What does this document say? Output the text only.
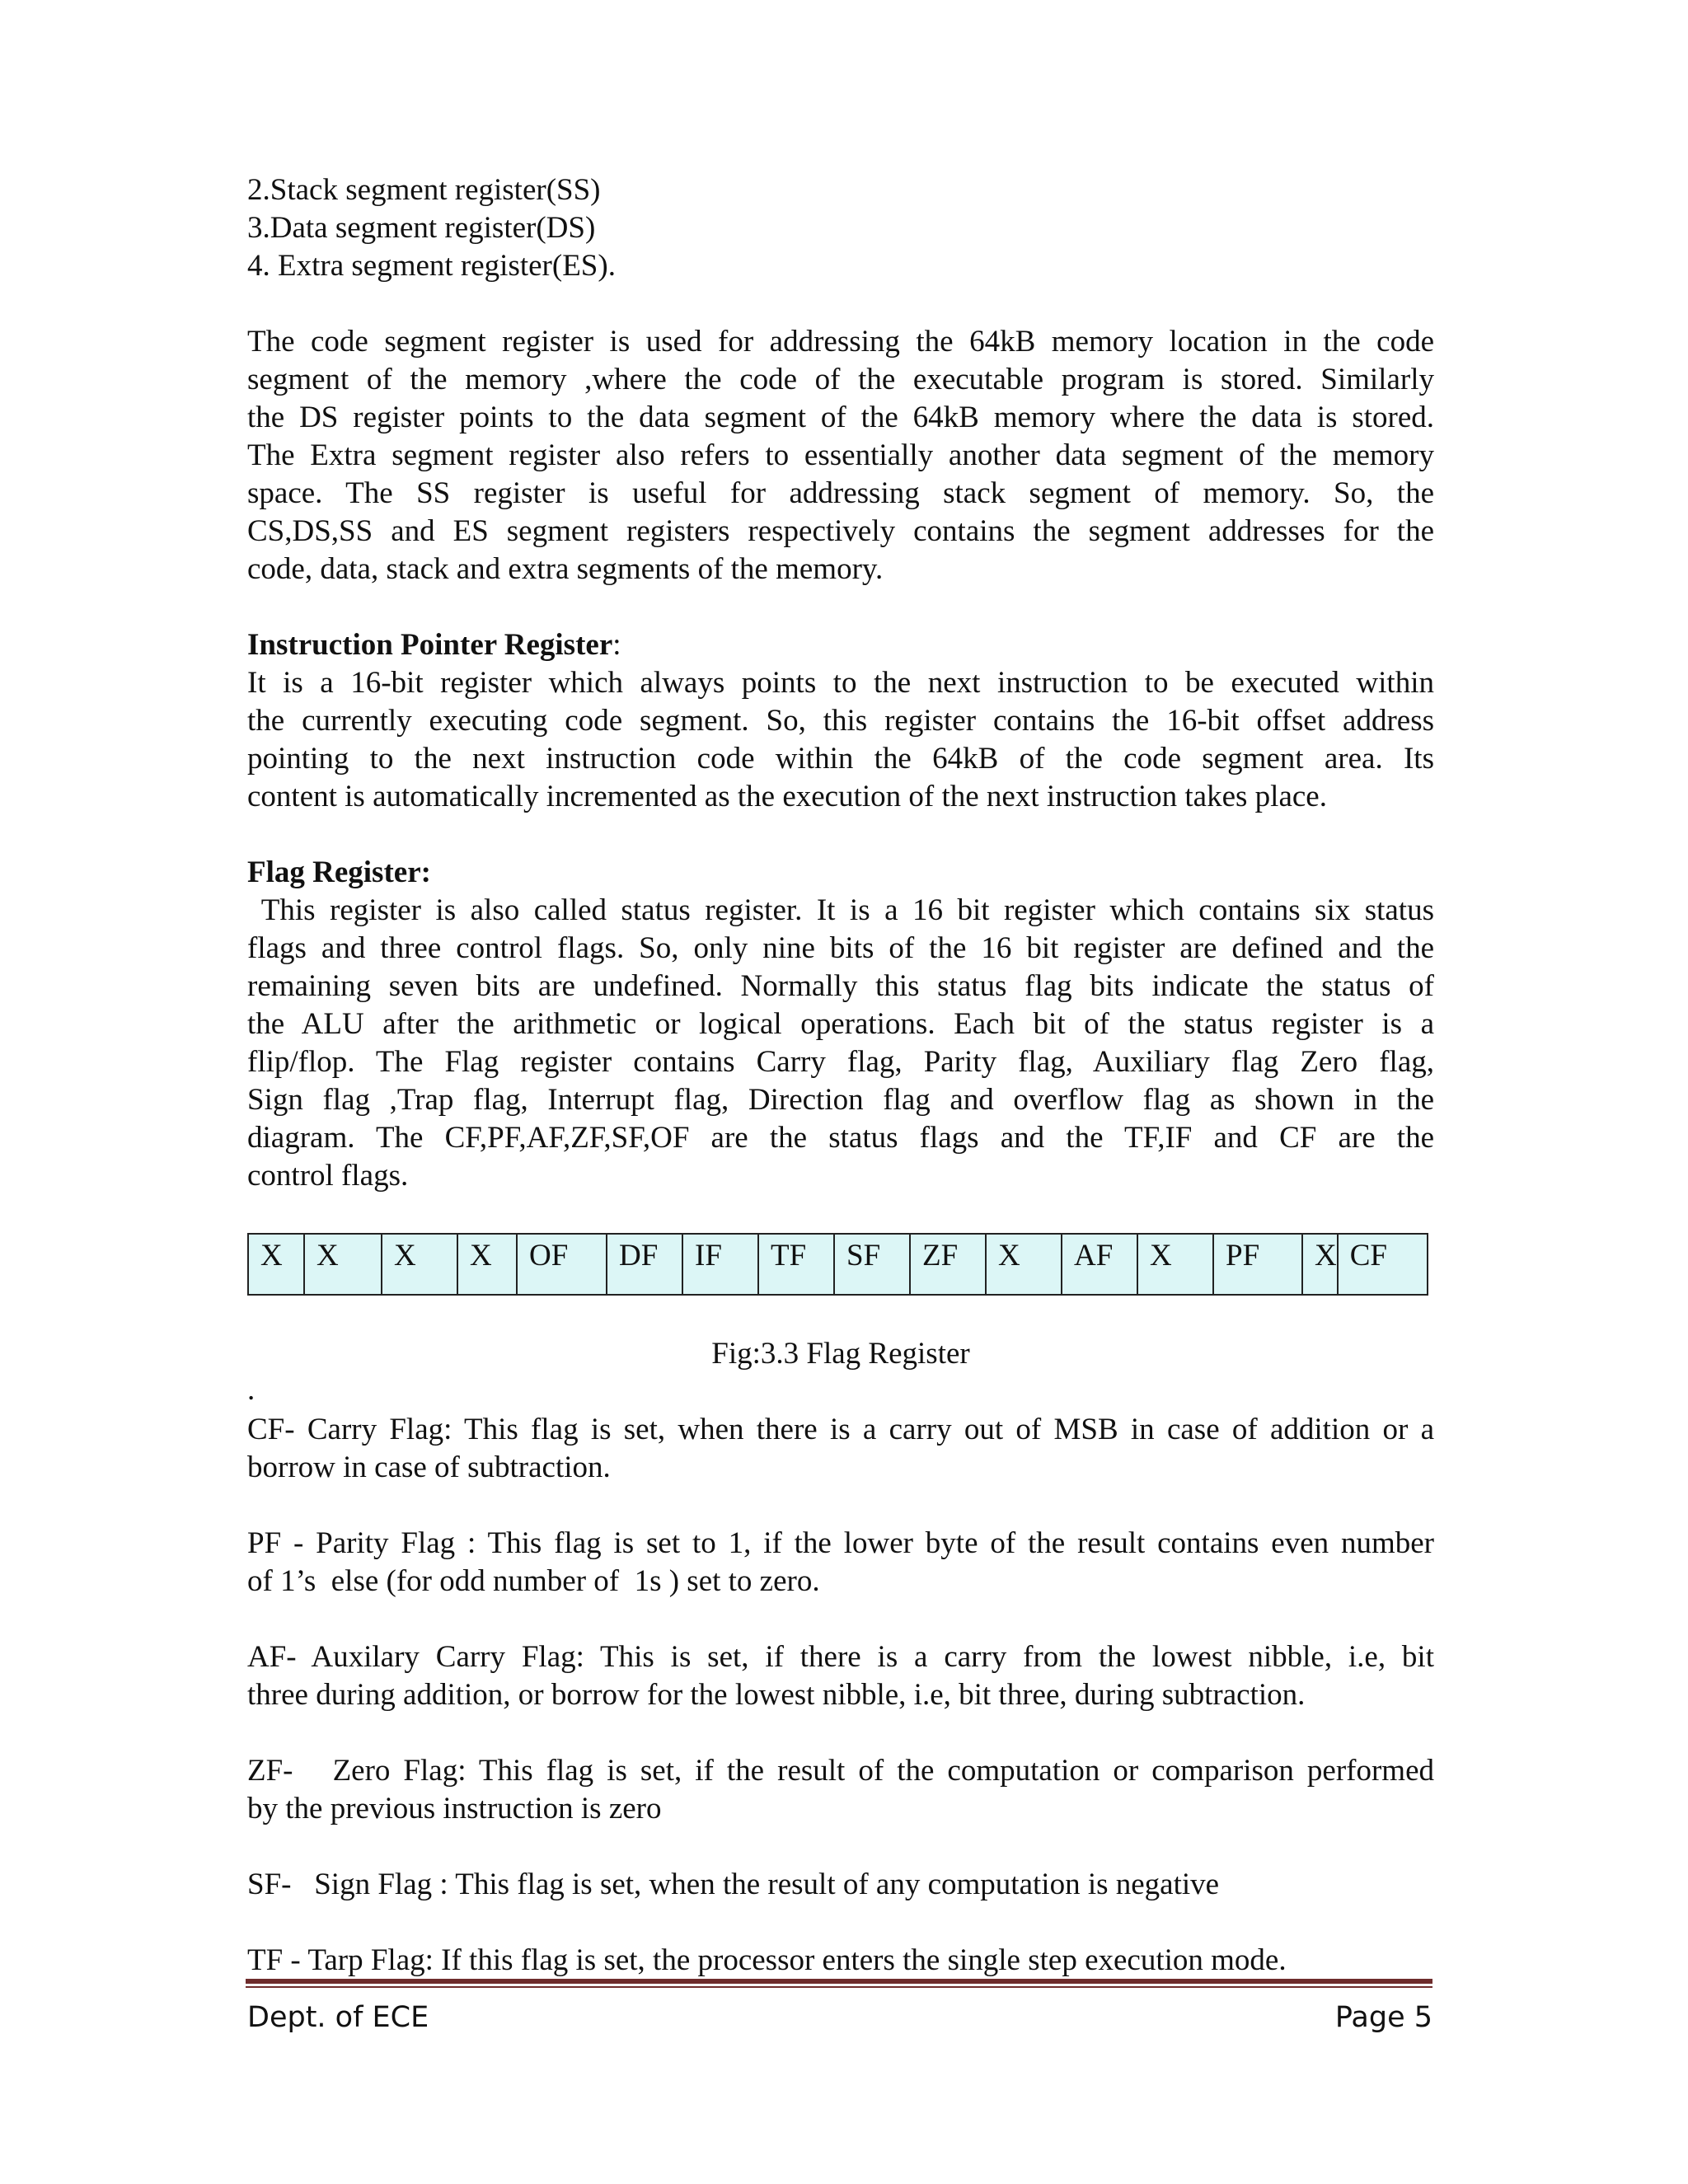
2.Stack segment register(SS)
3.Data segment register(DS)
4. Extra segment register(ES).
The code segment register is used for addressing the 64kB memory location in the code
segment of the memory ,where the code of the executable program is stored. Similarly
the DS register points to the data segment of the 64kB memory where the data is stored.
The Extra segment register also refers to essentially another data segment of the memory
space. The SS register is useful for addressing stack segment of memory. So, the
CS,DS,SS and ES segment registers respectively contains the segment addresses for the
code, data, stack and extra segments of the memory.
Instruction Pointer Register:
It is a 16-bit register which always points to the next instruction to be executed within
the currently executing code segment. So, this register contains the 16-bit offset address
pointing to the next instruction code within the 64kB of the code segment area. Its
content is automatically incremented as the execution of the next instruction takes place.
Flag Register:
This register is also called status register. It is a 16 bit register which contains six status
flags and three control flags. So, only nine bits of the 16 bit register are defined and the
remaining seven bits are undefined. Normally this status flag bits indicate the status of
the ALU after the arithmetic or logical operations. Each bit of the status register is a
flip/flop. The Flag register contains Carry flag, Parity flag, Auxiliary flag Zero flag,
Sign flag ,Trap flag, Interrupt flag, Direction flag and overflow flag as shown in the
diagram. The CF,PF,AF,ZF,SF,OF are the status flags and the TF,IF and CF are the
control flags.
X	X	X	X	OF	DF	IF	TF	SF	ZF	X	AF	X	PF	X	CF
Fig:3.3 Flag Register
.
CF- Carry Flag: This flag is set, when there is a carry out of MSB in case of addition or a
borrow in case of subtraction.
PF - Parity Flag : This flag is set to 1, if the lower byte of the result contains even number
of 1’s  else (for odd number of  1s ) set to zero.
AF- Auxilary Carry Flag: This is set, if there is a carry from the lowest nibble, i.e, bit
three during addition, or borrow for the lowest nibble, i.e, bit three, during subtraction.
ZF-   Zero Flag: This flag is set, if the result of the computation or comparison performed
by the previous instruction is zero
SF-   Sign Flag : This flag is set, when the result of any computation is negative
TF - Tarp Flag: If this flag is set, the processor enters the single step execution mode.
Dept. of ECE	Page 5
